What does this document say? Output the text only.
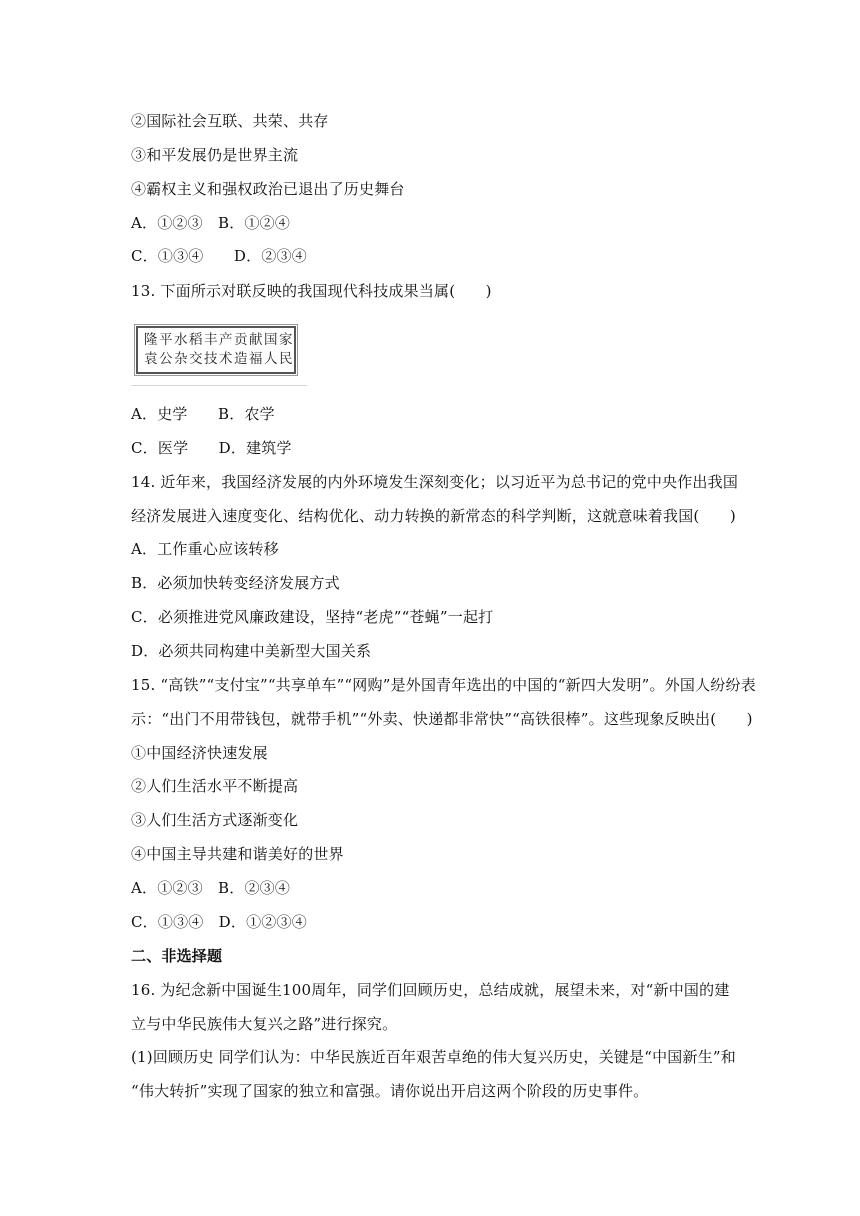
②国际社会互联、共荣、共存
③和平发展仍是世界主流
④霸权主义和强权政治已退出了历史舞台
A．①②③　B．①②④
C．①③④　　D．②③④
13. 下面所示对联反映的我国现代科技成果当属(　　)
隆平水稻丰产贡献国家
袁公杂交技术造福人民
A．史学　　B．农学
C．医学　　D．建筑学
14. 近年来，我国经济发展的内外环境发生深刻变化；以习近平为总书记的党中央作出我国
经济发展进入速度变化、结构优化、动力转换的新常态的科学判断，这就意味着我国(　　)
A．工作重心应该转移
B．必须加快转变经济发展方式
C．必须推进党风廉政建设，坚持“老虎”“苍蝇”一起打
D．必须共同构建中美新型大国关系
15. “高铁”“支付宝”“共享单车”“网购”是外国青年选出的中国的“新四大发明”。外国人纷纷表
示：“出门不用带钱包，就带手机”“外卖、快递都非常快”“高铁很棒”。这些现象反映出(　　)
①中国经济快速发展
②人们生活水平不断提高
③人们生活方式逐渐变化
④中国主导共建和谐美好的世界
A．①②③　B．②③④
C．①③④　D．①②③④
二、非选择题
16. 为纪念新中国诞生100周年，同学们回顾历史，总结成就，展望未来，对“新中国的建
立与中华民族伟大复兴之路”进行探究。
(1)回顾历史 同学们认为：中华民族近百年艰苦卓绝的伟大复兴历史，关键是“中国新生”和
“伟大转折”实现了国家的独立和富强。请你说出开启这两个阶段的历史事件。
